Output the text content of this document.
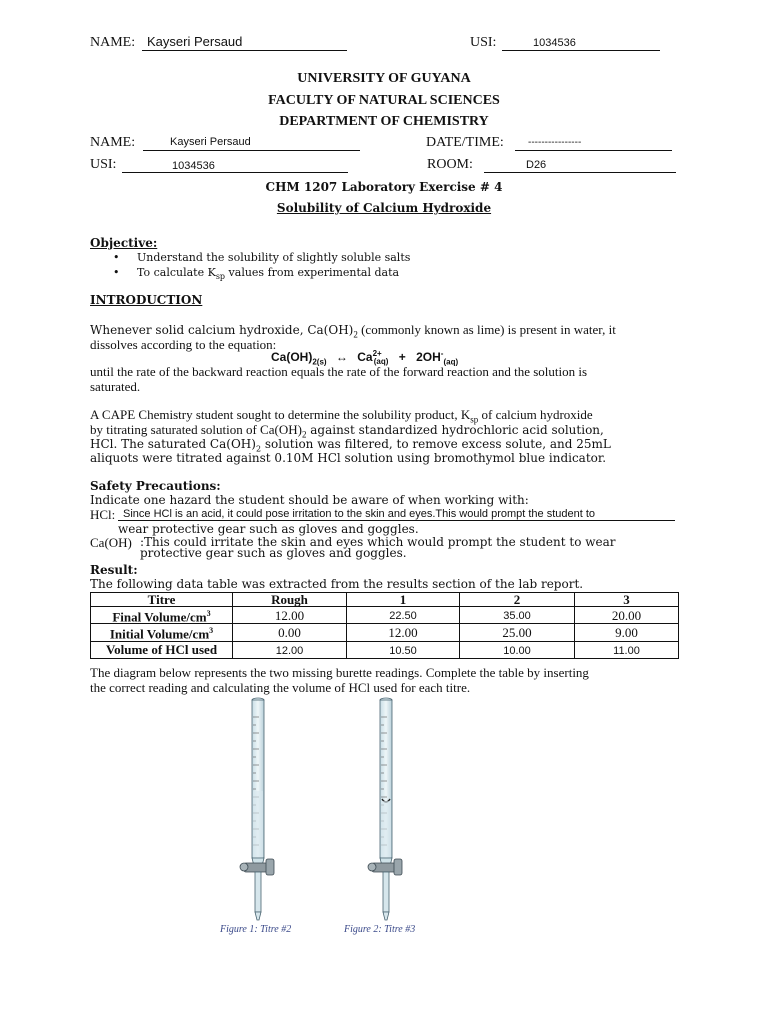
NAME: Kayseri Persaud	USI:	1034536
UNIVERSITY OF GUYANA
FACULTY OF NATURAL SCIENCES
DEPARTMENT OF CHEMISTRY
NAME:	Kayseri Persaud	DATE/TIME: ----------------
USI:	1034536	ROOM:	D26
CHM 1207 Laboratory Exercise # 4
Solubility of Calcium Hydroxide
Objective:
• Understand the solubility of slightly soluble salts
• To calculate $K_{sp}$ values from experimental data
INTRODUCTION
Whenever solid calcium hydroxide, $Ca(OH)_2$ (commonly known as lime) is present in water, it
dissolves according to the equation:
$Ca(OH)_{2(s)}$ ↔ $Ca^{2+}_{(aq)} + 2OH^-_{(aq)}$
until the rate of the backward reaction equals the rate of the forward reaction and the solution is
saturated.
A CAPE Chemistry student sought to determine the solubility product, $K_{sp}$ of calcium hydroxide
by titrating saturated solution of $Ca(OH)_2$ against standardized hydrochloric acid solution,
HCl. The saturated $Ca(OH)_2$ solution was filtered, to remove excess solute, and 25mL
aliquots were titrated against 0.10M HCl solution using bromothymol blue indicator.
Safety Precautions:
Indicate one hazard the student should be aware of when working with:
HCl: Since HCl is an acid, it could pose irritation to the skin and eyes.This would prompt the student to
wear protective gear such as gloves and goggles.
Ca(OH) :This could irritate the skin and eyes which would prompt the student to wear
protective gear such as gloves and goggles.
Result:
The following data table was extracted from the results section of the lab report.
Titre	Rough	1	2	3
Final Volume/$cm^3$	12.00	22.50	35.00	20.00
Initial Volume/$cm^3$	0.00	12.00	25.00	9.00
Volume of HCl used	12.00	10.50	10.00	11.00
The diagram below represents the two missing burette readings. Complete the table by inserting
the correct reading and calculating the volume of HCl used for each titre.
Figure 1: Titre #2	Figure 2: Titre #3
